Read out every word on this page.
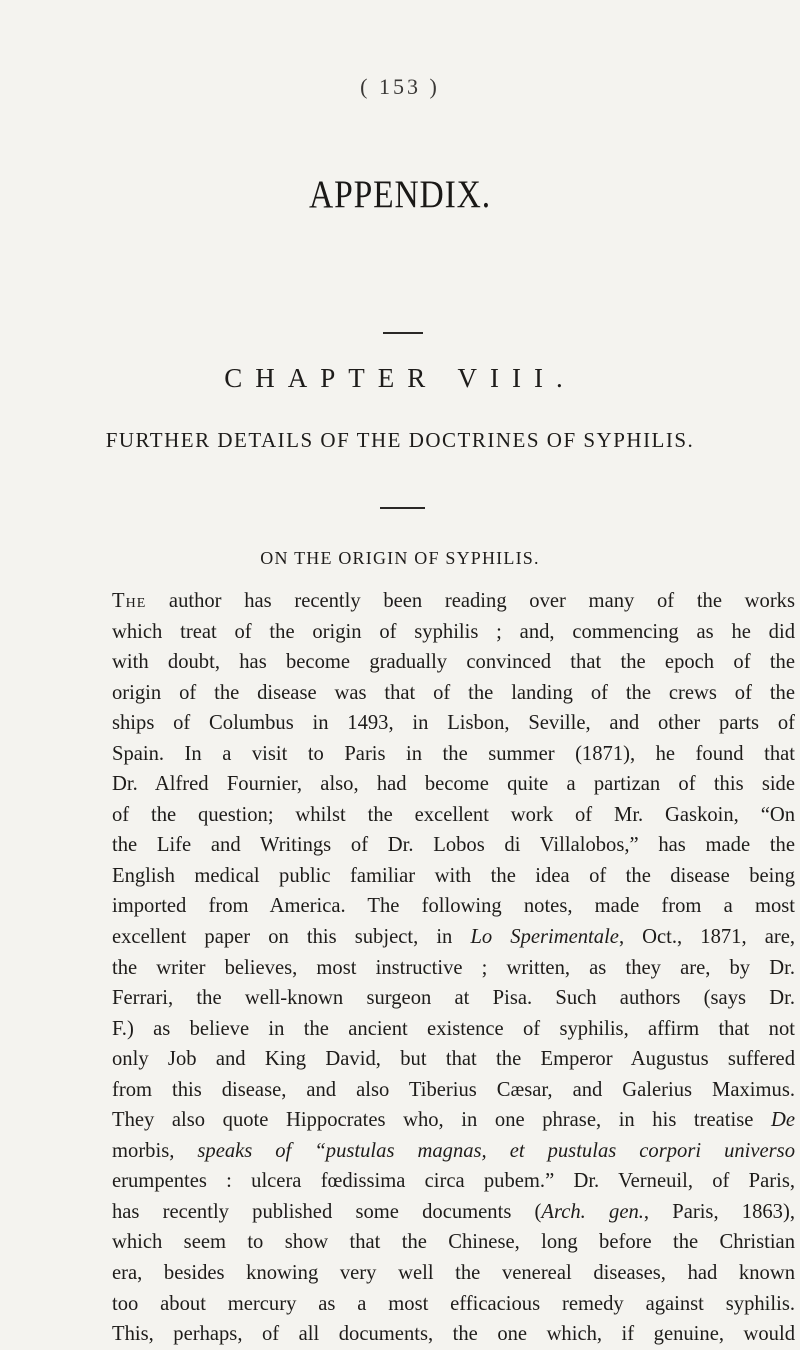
( 153 )
APPENDIX.
CHAPTER VIII.
FURTHER DETAILS OF THE DOCTRINES OF SYPHILIS.
ON THE ORIGIN OF SYPHILIS.
The author has recently been reading over many of the works
which treat of the origin of syphilis ; and, commencing as he did
with doubt, has become gradually convinced that the epoch of the
origin of the disease was that of the landing of the crews of the
ships of Columbus in 1493, in Lisbon, Seville, and other parts of
Spain. In a visit to Paris in the summer (1871), he found that
Dr. Alfred Fournier, also, had become quite a partizan of this side
of the question; whilst the excellent work of Mr. Gaskoin, “On
the Life and Writings of Dr. Lobos di Villalobos,” has made the
English medical public familiar with the idea of the disease being
imported from America. The following notes, made from a most
excellent paper on this subject, in Lo Sperimentale, Oct., 1871, are,
the writer believes, most instructive ; written, as they are, by Dr.
Ferrari, the well-known surgeon at Pisa. Such authors (says Dr.
F.) as believe in the ancient existence of syphilis, affirm that not
only Job and King David, but that the Emperor Augustus suffered
from this disease, and also Tiberius Cæsar, and Galerius Maximus.
They also quote Hippocrates who, in one phrase, in his treatise De
morbis, speaks of “pustulas magnas, et pustulas corpori universo
erumpentes : ulcera fœdissima circa pubem.” Dr. Verneuil, of Paris,
has recently published some documents (Arch. gen., Paris, 1863),
which seem to show that the Chinese, long before the Christian
era, besides knowing very well the venereal diseases, had known
too about mercury as a most efficacious remedy against syphilis.
This, perhaps, of all documents, the one which, if genuine, would
